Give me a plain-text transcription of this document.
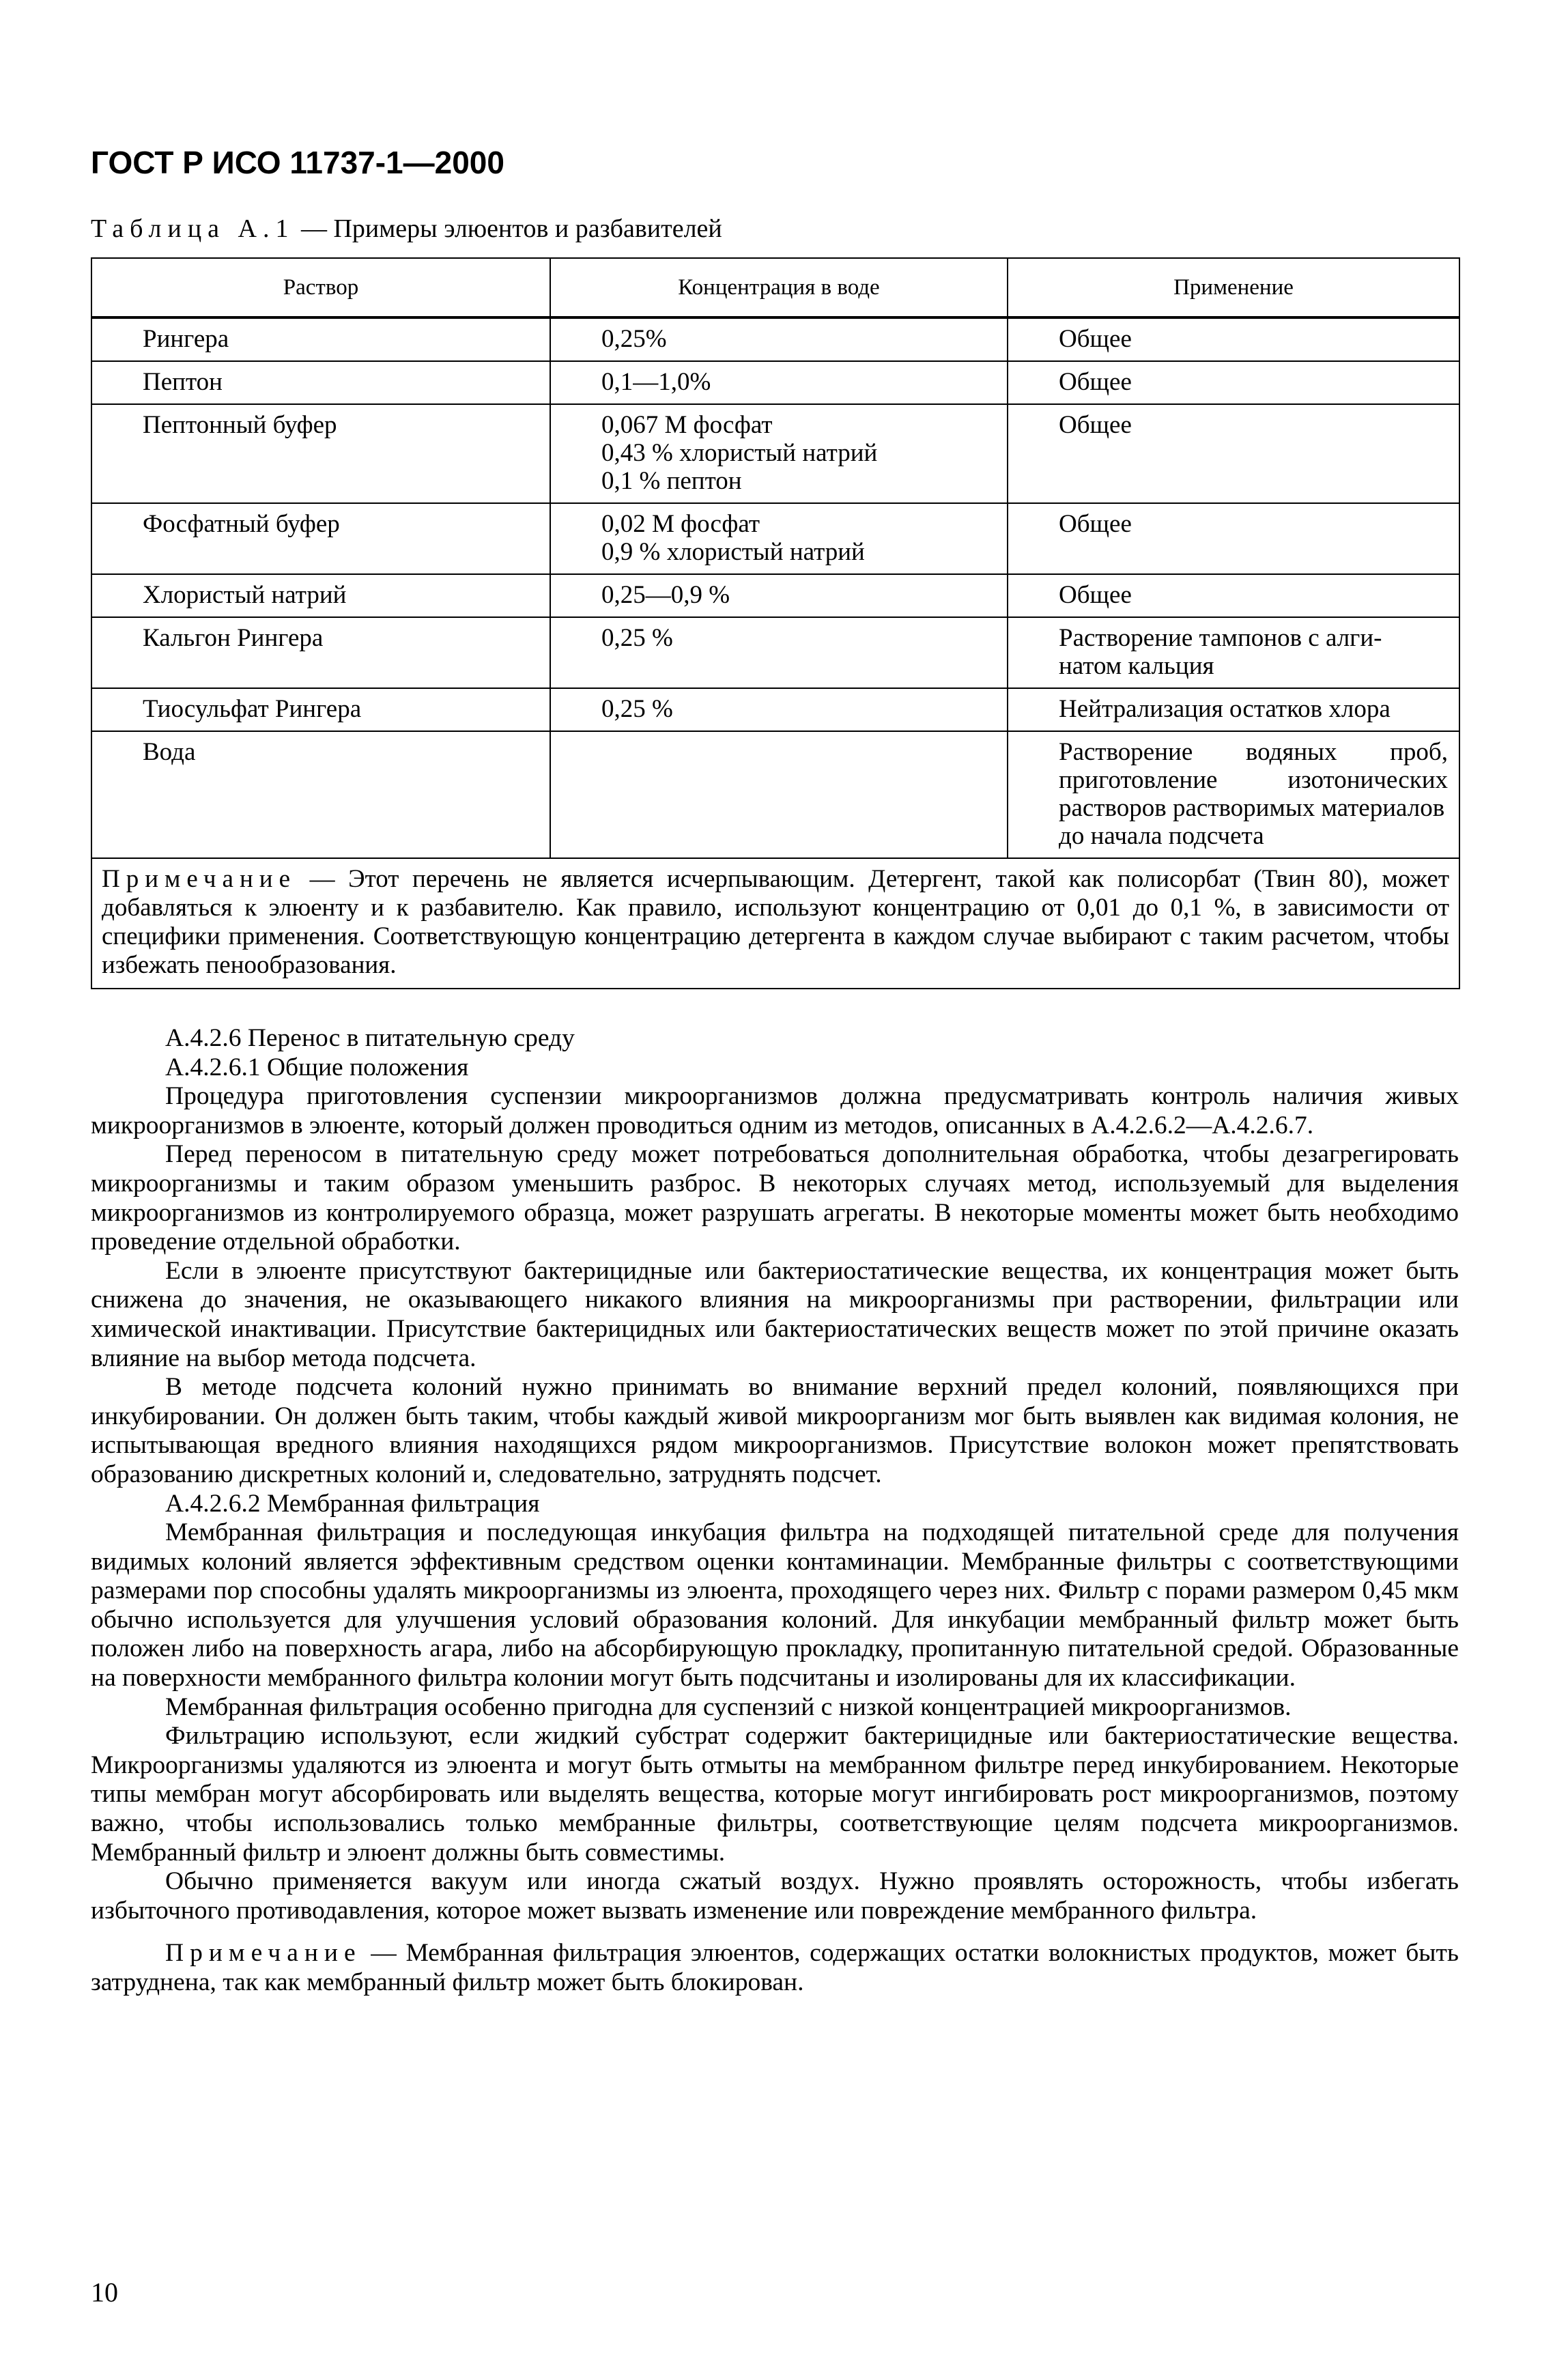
ГОСТ Р ИСО 11737-1—2000
Таблица А.1 — Примеры элюентов и разбавителей
Раствор	Концентрация в воде	Применение

Рингера	0,25%	Общее

Пептон	0,1—1,0%	Общее

Пептонный буфер	0,067 М фосфат
0,43 % хлористый натрий
0,1 % пептон	Общее

Фосфатный буфер	0,02 М фосфат
0,9 % хлористый натрий	Общее

Хлористый натрий	0,25—0,9 %	Общее

Кальгон Рингера	0,25 %	Растворение тампонов с алги-
натом кальция

Тиосульфат Рингера	0,25 %	Нейтрализация остатков хлора

Вода		Растворение водяных проб,
приготовление изотонических
растворов растворимых материалов
до начала подсчета

Примечание — Этот перечень не является исчерпывающим. Детергент, такой как полисорбат (Твин 80), может добавляться к элюенту и к разбавителю. Как правило, используют концентрацию от 0,01 до 0,1 %, в зависимости от специфики применения. Соответствующую концентрацию детергента в каждом случае выбирают с таким расчетом, чтобы избежать пенообразования.		

А.4.2.6 Перенос в питательную среду

А.4.2.6.1 Общие положения

Процедура приготовления суспензии микроорганизмов должна предусматривать контроль наличия живых микроорганизмов в элюенте, который должен проводиться одним из методов, описанных в А.4.2.6.2—А.4.2.6.7.

Перед переносом в питательную среду может потребоваться дополнительная обработка, чтобы дезагрегировать микроорганизмы и таким образом уменьшить разброс. В некоторых случаях метод, используемый для выделения микроорганизмов из контролируемого образца, может разрушать агрегаты. В некоторые моменты может быть необходимо проведение отдельной обработки.

Если в элюенте присутствуют бактерицидные или бактериостатические вещества, их концентрация может быть снижена до значения, не оказывающего никакого влияния на микроорганизмы при растворении, фильтрации или химической инактивации. Присутствие бактерицидных или бактериостатических веществ может по этой причине оказать влияние на выбор метода подсчета.

В методе подсчета колоний нужно принимать во внимание верхний предел колоний, появляющихся при инкубировании. Он должен быть таким, чтобы каждый живой микроорганизм мог быть выявлен как видимая колония, не испытывающая вредного влияния находящихся рядом микроорганизмов. Присутствие волокон может препятствовать образованию дискретных колоний и, следовательно, затруднять подсчет.

А.4.2.6.2 Мембранная фильтрация

Мембранная фильтрация и последующая инкубация фильтра на подходящей питательной среде для получения видимых колоний является эффективным средством оценки контаминации. Мембранные фильтры с соответствующими размерами пор способны удалять микроорганизмы из элюента, проходящего через них. Фильтр с порами размером 0,45 мкм обычно используется для улучшения условий образования колоний. Для инкубации мембранный фильтр может быть положен либо на поверхность агара, либо на абсорбирующую прокладку, пропитанную питательной средой. Образованные на поверхности мембранного фильтра колонии могут быть подсчитаны и изолированы для их классификации.

Мембранная фильтрация особенно пригодна для суспензий с низкой концентрацией микроорганизмов.

Фильтрацию используют, если жидкий субстрат содержит бактерицидные или бактериостатические вещества. Микроорганизмы удаляются из элюента и могут быть отмыты на мембранном фильтре перед инкубированием. Некоторые типы мембран могут абсорбировать или выделять вещества, которые могут ингибировать рост микроорганизмов, поэтому важно, чтобы использовались только мембранные фильтры, соответствующие целям подсчета микроорганизмов. Мембранный фильтр и элюент должны быть совместимы.

Обычно применяется вакуум или иногда сжатый воздух. Нужно проявлять осторожность, чтобы избегать избыточного противодавления, которое может вызвать изменение или повреждение мембранного фильтра.

Примечание — Мембранная фильтрация элюентов, содержащих остатки волокнистых продуктов, может быть затруднена, так как мембранный фильтр может быть блокирован.

10
